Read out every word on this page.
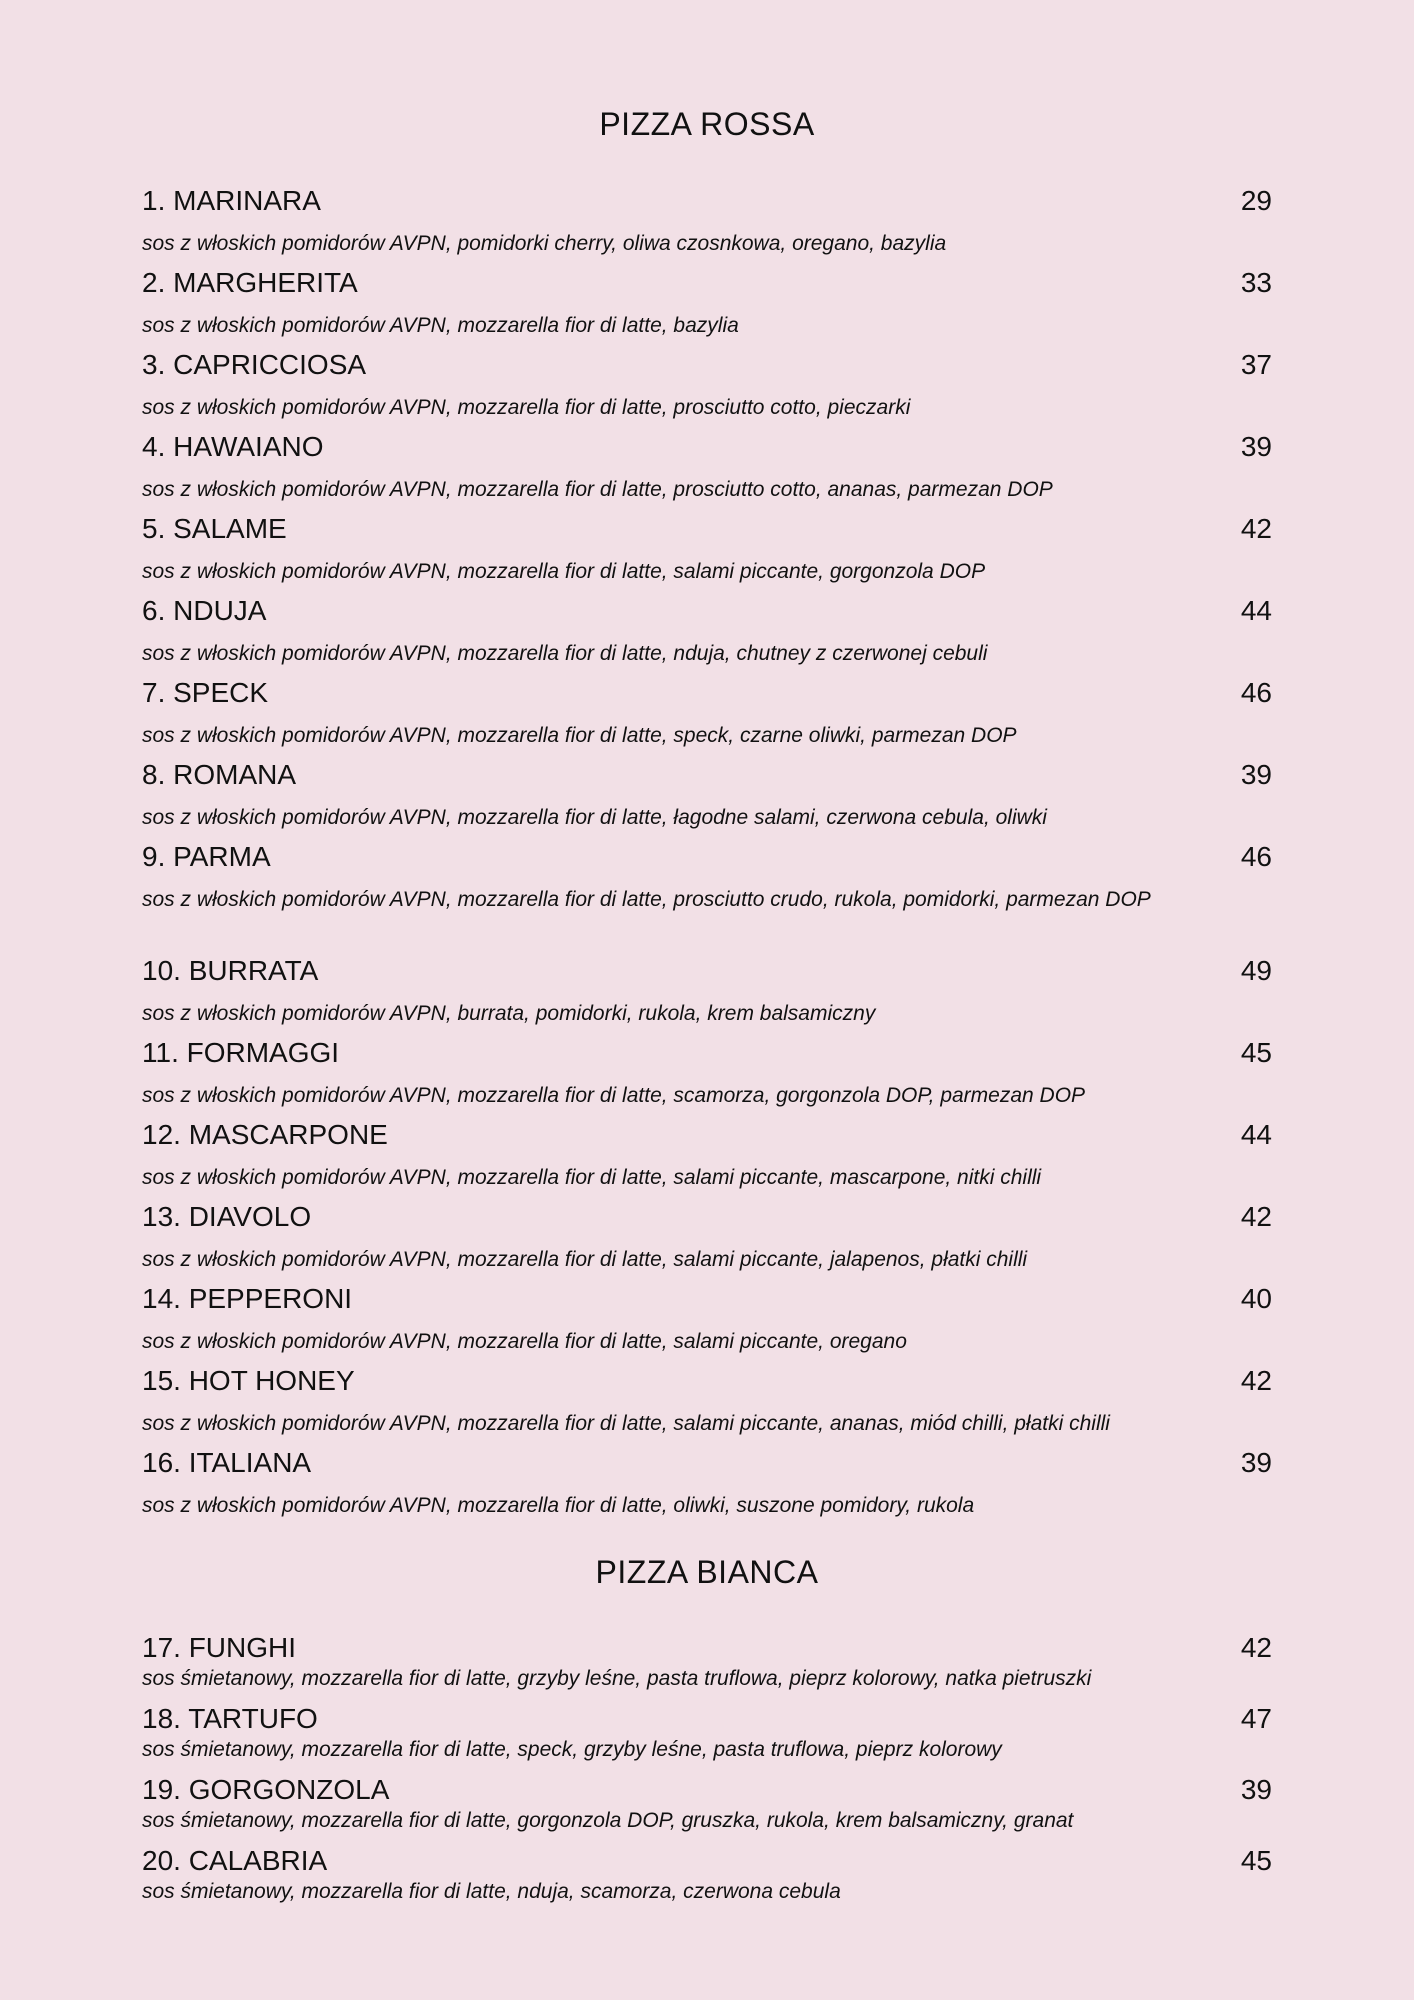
PIZZA ROSSA
1. MARINARA	29
sos z włoskich pomidorów AVPN, pomidorki cherry, oliwa czosnkowa, oregano, bazylia
2. MARGHERITA	33
sos z włoskich pomidorów AVPN, mozzarella fior di latte, bazylia
3. CAPRICCIOSA	37
sos z włoskich pomidorów AVPN, mozzarella fior di latte, prosciutto cotto, pieczarki
4. HAWAIANO	39
sos z włoskich pomidorów AVPN, mozzarella fior di latte, prosciutto cotto, ananas, parmezan DOP
5. SALAME	42
sos z włoskich pomidorów AVPN, mozzarella fior di latte, salami piccante, gorgonzola DOP
6. NDUJA	44
sos z włoskich pomidorów AVPN, mozzarella fior di latte, nduja, chutney z czerwonej cebuli
7. SPECK	46
sos z włoskich pomidorów AVPN, mozzarella fior di latte, speck, czarne oliwki, parmezan DOP
8. ROMANA	39
sos z włoskich pomidorów AVPN, mozzarella fior di latte, łagodne salami, czerwona cebula, oliwki
9. PARMA	46
sos z włoskich pomidorów AVPN, mozzarella fior di latte, prosciutto crudo, rukola, pomidorki, parmezan DOP
10. BURRATA	49
sos z włoskich pomidorów AVPN, burrata, pomidorki, rukola, krem balsamiczny
11. FORMAGGI	45
sos z włoskich pomidorów AVPN, mozzarella fior di latte, scamorza, gorgonzola DOP, parmezan DOP
12. MASCARPONE	44
sos z włoskich pomidorów AVPN, mozzarella fior di latte, salami piccante, mascarpone, nitki chilli
13. DIAVOLO	42
sos z włoskich pomidorów AVPN, mozzarella fior di latte, salami piccante, jalapenos, płatki chilli
14. PEPPERONI	40
sos z włoskich pomidorów AVPN, mozzarella fior di latte, salami piccante, oregano
15. HOT HONEY	42
sos z włoskich pomidorów AVPN, mozzarella fior di latte, salami piccante, ananas, miód chilli, płatki chilli
16. ITALIANA	39
sos z włoskich pomidorów AVPN, mozzarella fior di latte, oliwki, suszone pomidory, rukola
PIZZA BIANCA
17. FUNGHI	42
sos śmietanowy, mozzarella fior di latte, grzyby leśne, pasta truflowa, pieprz kolorowy, natka pietruszki
18. TARTUFO	47
sos śmietanowy, mozzarella fior di latte, speck, grzyby leśne, pasta truflowa, pieprz kolorowy
19. GORGONZOLA	39
sos śmietanowy, mozzarella fior di latte, gorgonzola DOP, gruszka, rukola, krem balsamiczny, granat
20. CALABRIA	45
sos śmietanowy, mozzarella fior di latte, nduja, scamorza, czerwona cebula
